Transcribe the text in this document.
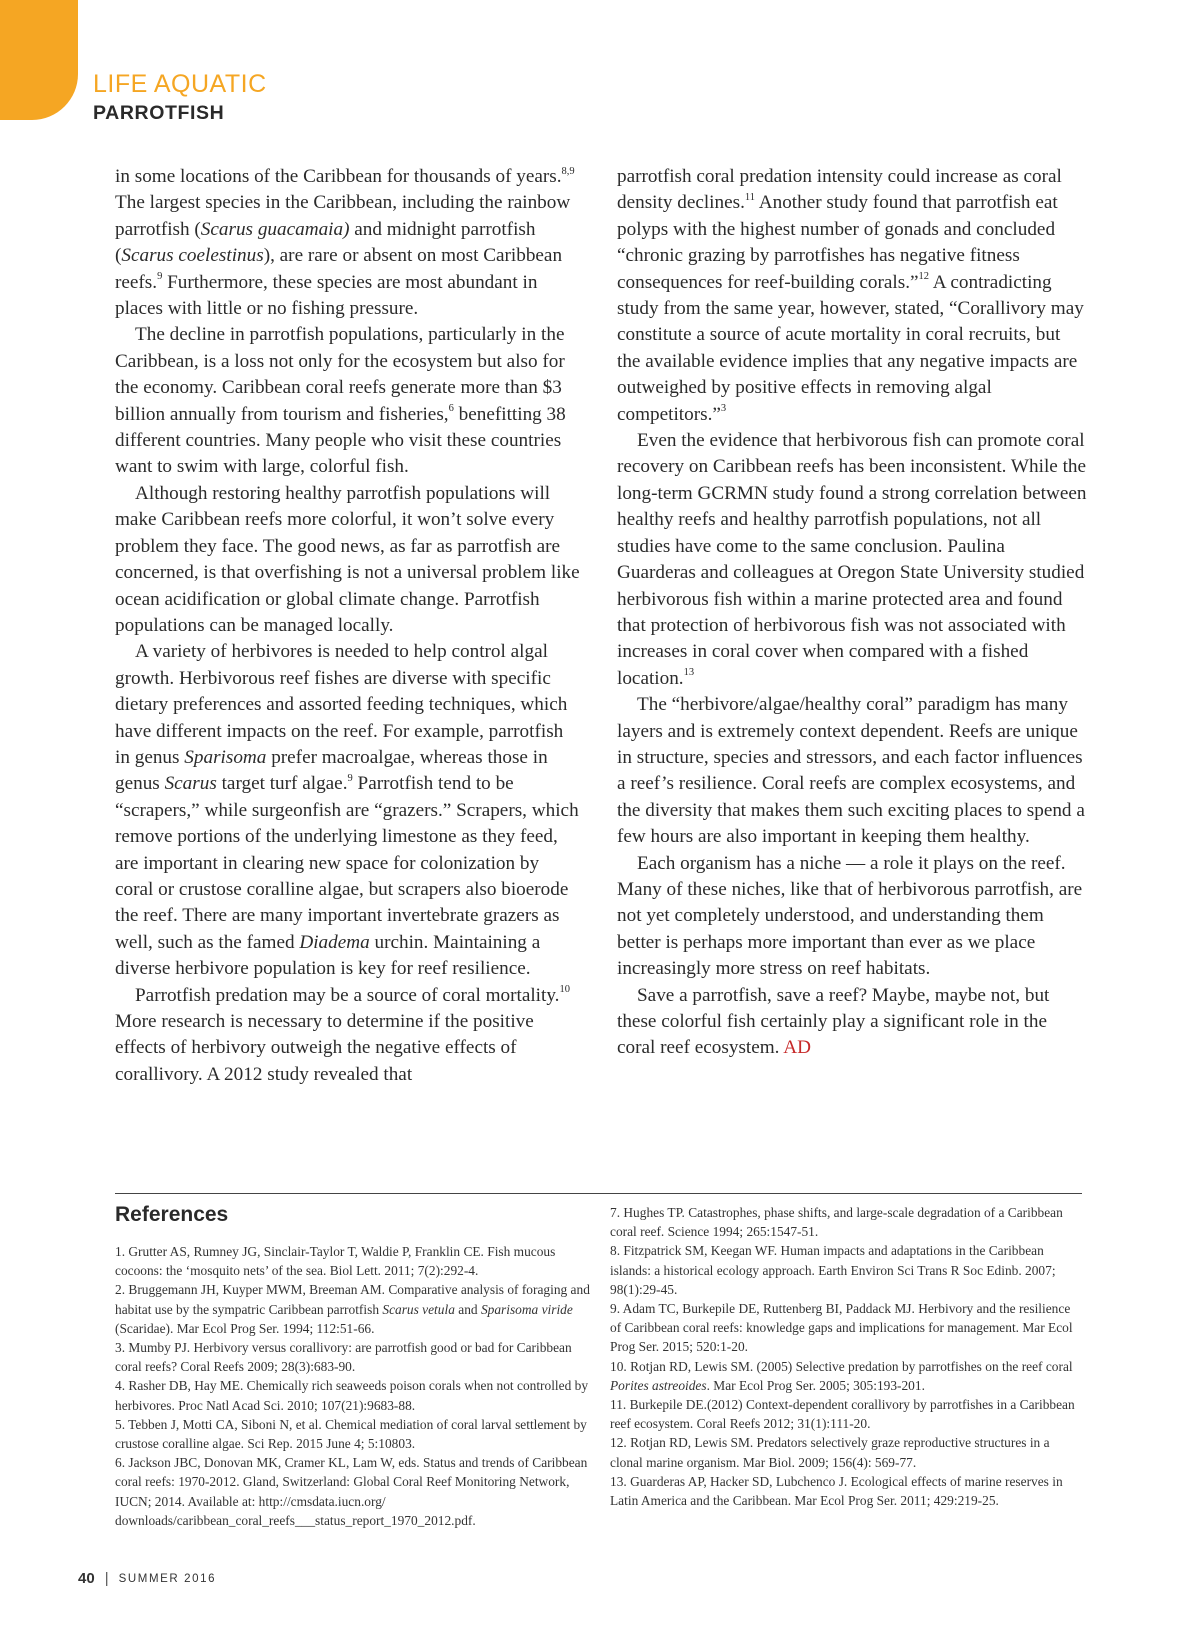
LIFE AQUATIC
PARROTFISH

in some locations of the Caribbean for thousands of years.$^{8,9}$ The largest species in the Caribbean, including the rainbow parrotfish (Scarus guacamaia) and midnight parrotfish (Scarus coelestinus), are rare or absent on most Caribbean reefs.$^9$ Furthermore, these species are most abundant in places with little or no fishing pressure.

The decline in parrotfish populations, particularly in the Caribbean, is a loss not only for the ecosystem but also for the economy. Caribbean coral reefs generate more than $3 billion annually from tourism and fisheries,$^6$ benefitting 38 different countries. Many people who visit these countries want to swim with large, colorful fish.

Although restoring healthy parrotfish populations will make Caribbean reefs more colorful, it won’t solve every problem they face. The good news, as far as parrotfish are concerned, is that overfishing is not a universal problem like ocean acidification or global climate change. Parrotfish populations can be managed locally.

A variety of herbivores is needed to help control algal growth. Herbivorous reef fishes are diverse with specific dietary preferences and assorted feeding techniques, which have different impacts on the reef. For example, parrotfish in genus Sparisoma prefer macroalgae, whereas those in genus Scarus target turf algae.$^9$ Parrotfish tend to be “scrapers,” while surgeonfish are “grazers.” Scrapers, which remove portions of the underlying limestone as they feed, are important in clearing new space for colonization by coral or crustose coralline algae, but scrapers also bioerode the reef. There are many important invertebrate grazers as well, such as the famed Diadema urchin. Maintaining a diverse herbivore population is key for reef resilience.

Parrotfish predation may be a source of coral mortality.$^{10}$ More research is necessary to determine if the positive effects of herbivory outweigh the negative effects of corallivory. A 2012 study revealed that

parrotfish coral predation intensity could increase as coral density declines.$^{11}$ Another study found that parrotfish eat polyps with the highest number of gonads and concluded “chronic grazing by parrotfishes has negative fitness consequences for reef-building corals.”$^{12}$ A contradicting study from the same year, however, stated, “Corallivory may constitute a source of acute mortality in coral recruits, but the available evidence implies that any negative impacts are outweighed by positive effects in removing algal competitors.”$^3$

Even the evidence that herbivorous fish can promote coral recovery on Caribbean reefs has been inconsistent. While the long-term GCRMN study found a strong correlation between healthy reefs and healthy parrotfish populations, not all studies have come to the same conclusion. Paulina Guarderas and colleagues at Oregon State University studied herbivorous fish within a marine protected area and found that protection of herbivorous fish was not associated with increases in coral cover when compared with a fished location.$^{13}$

The “herbivore/algae/healthy coral” paradigm has many layers and is extremely context dependent. Reefs are unique in structure, species and stressors, and each factor influences a reef’s resilience. Coral reefs are complex ecosystems, and the diversity that makes them such exciting places to spend a few hours are also important in keeping them healthy.

Each organism has a niche — a role it plays on the reef. Many of these niches, like that of herbivorous parrotfish, are not yet completely understood, and understanding them better is perhaps more important than ever as we place increasingly more stress on reef habitats.

Save a parrotfish, save a reef? Maybe, maybe not, but these colorful fish certainly play a significant role in the coral reef ecosystem. AD

References
1. Grutter AS, Rumney JG, Sinclair-Taylor T, Waldie P, Franklin CE. Fish mucous cocoons: the ‘mosquito nets’ of the sea. Biol Lett. 2011; 7(2):292-4.
2. Bruggemann JH, Kuyper MWM, Breeman AM. Comparative analysis of foraging and habitat use by the sympatric Caribbean parrotfish Scarus vetula and Sparisoma viride (Scaridae). Mar Ecol Prog Ser. 1994; 112:51-66.
3. Mumby PJ. Herbivory versus corallivory: are parrotfish good or bad for Caribbean coral reefs? Coral Reefs 2009; 28(3):683-90.
4. Rasher DB, Hay ME. Chemically rich seaweeds poison corals when not controlled by herbivores. Proc Natl Acad Sci. 2010; 107(21):9683-88.
5. Tebben J, Motti CA, Siboni N, et al. Chemical mediation of coral larval settlement by crustose coralline algae. Sci Rep. 2015 June 4; 5:10803.
6. Jackson JBC, Donovan MK, Cramer KL, Lam W, eds. Status and trends of Caribbean coral reefs: 1970-2012. Gland, Switzerland: Global Coral Reef Monitoring Network, IUCN; 2014. Available at: http://cmsdata.iucn.org/ downloads/caribbean_coral_reefs___status_report_1970_2012.pdf.
7. Hughes TP. Catastrophes, phase shifts, and large-scale degradation of a Caribbean coral reef. Science 1994; 265:1547-51.
8. Fitzpatrick SM, Keegan WF. Human impacts and adaptations in the Caribbean islands: a historical ecology approach. Earth Environ Sci Trans R Soc Edinb. 2007; 98(1):29-45.
9. Adam TC, Burkepile DE, Ruttenberg BI, Paddack MJ. Herbivory and the resilience of Caribbean coral reefs: knowledge gaps and implications for management. Mar Ecol Prog Ser. 2015; 520:1-20.
10. Rotjan RD, Lewis SM. (2005) Selective predation by parrotfishes on the reef coral Porites astreoides. Mar Ecol Prog Ser. 2005; 305:193-201.
11. Burkepile DE.(2012) Context-dependent corallivory by parrotfishes in a Caribbean reef ecosystem. Coral Reefs 2012; 31(1):111-20.
12. Rotjan RD, Lewis SM. Predators selectively graze reproductive structures in a clonal marine organism. Mar Biol. 2009; 156(4): 569-77.
13. Guarderas AP, Hacker SD, Lubchenco J. Ecological effects of marine reserves in Latin America and the Caribbean. Mar Ecol Prog Ser. 2011; 429:219-25.
40 | SUMMER 2016
